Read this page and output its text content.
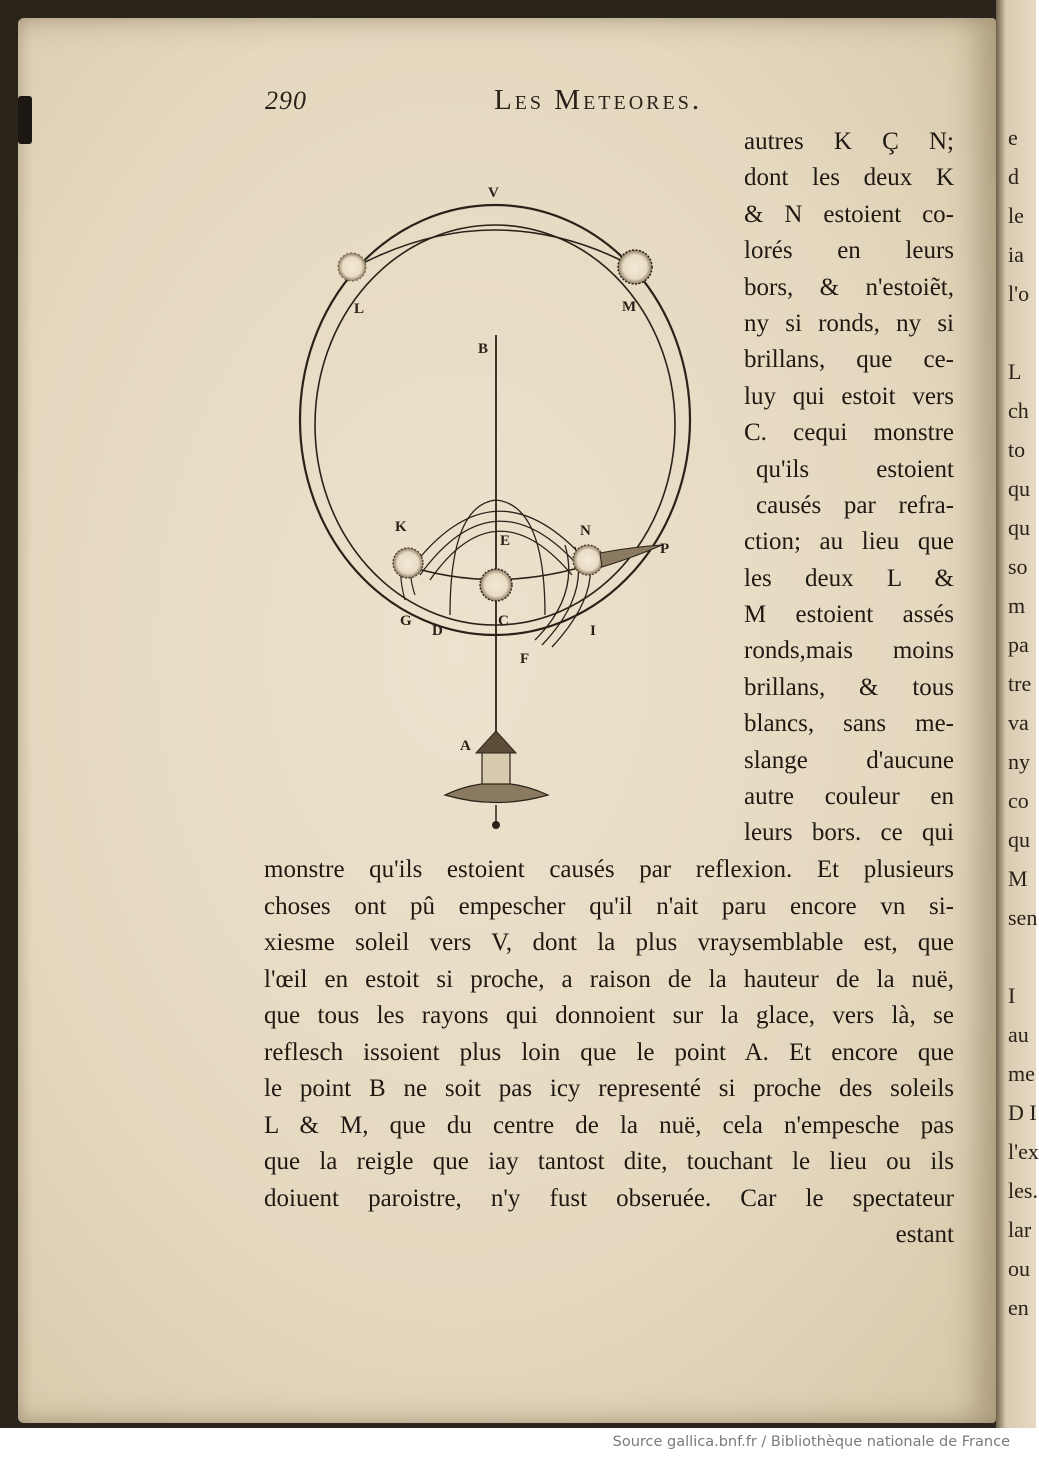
e
d
le
ia
l'o
L
ch
to
qu
qu
so
m
pa
tre
va
ny
co
qu
M
sen
I
au
me
D I
l'ex
les.
lar
ou
en
290	Les Meteores.
V
L	M
B
K	N
E	P
G
D
C
I
F
A
autres K Ç N;
dont les deux K
& N estoient co-
lorés en leurs
bors, & n'estoiẽt,
ny si ronds, ny si
brillans, que ce-
luy qui estoit vers
C. cequi monstre
qu'ils estoient
causés par refra-
ction; au lieu que
les deux L &
M estoient assés
ronds,mais moins
brillans, & tous
blancs, sans me-
slange d'aucune
autre couleur en
leurs bors. ce qui
monstre qu'ils estoient causés par reflexion. Et plusieurs
choses ont pû empescher qu'il n'ait paru encore vn si-
xiesme soleil vers V, dont la plus vraysemblable est, que
l'œil en estoit si proche, a raison de la hauteur de la nuë,
que tous les rayons qui donnoient sur la glace, vers là, se
reflesch issoient plus loin que le point A. Et encore que
le point B ne soit pas icy representé si proche des soleils
L & M, que du centre de la nuë, cela n'empesche pas
que la reigle que iay tantost dite, touchant le lieu ou ils
doiuent paroistre, n'y fust obseruée. Car le spectateur
estant
Source gallica.bnf.fr / Bibliothèque nationale de France
